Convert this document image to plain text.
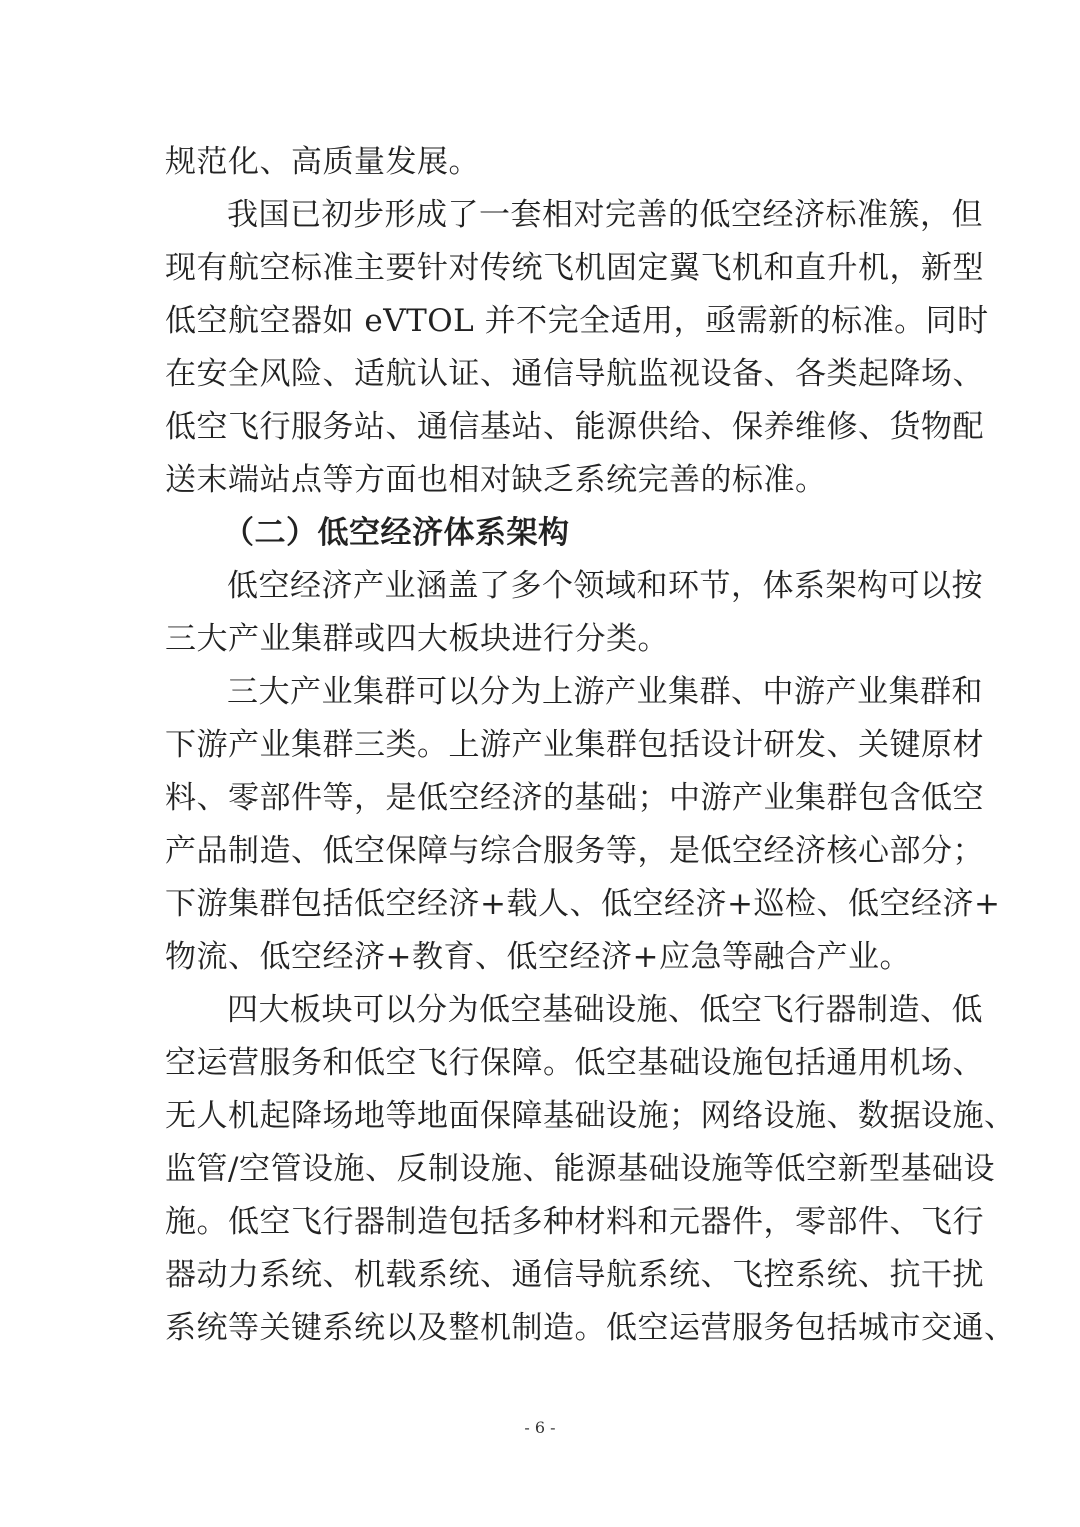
规范化、高质量发展。
我国已初步形成了一套相对完善的低空经济标准簇，但
现有航空标准主要针对传统飞机固定翼飞机和直升机，新型
低空航空器如 eVTOL 并不完全适用，亟需新的标准。同时
在安全风险、适航认证、通信导航监视设备、各类起降场、
低空飞行服务站、通信基站、能源供给、保养维修、货物配
送末端站点等方面也相对缺乏系统完善的标准。
（二）低空经济体系架构
低空经济产业涵盖了多个领域和环节，体系架构可以按
三大产业集群或四大板块进行分类。
三大产业集群可以分为上游产业集群、中游产业集群和
下游产业集群三类。上游产业集群包括设计研发、关键原材
料、零部件等，是低空经济的基础；中游产业集群包含低空
产品制造、低空保障与综合服务等，是低空经济核心部分；
下游集群包括低空经济+载人、低空经济+巡检、低空经济+
物流、低空经济+教育、低空经济+应急等融合产业。
四大板块可以分为低空基础设施、低空飞行器制造、低
空运营服务和低空飞行保障。低空基础设施包括通用机场、
无人机起降场地等地面保障基础设施；网络设施、数据设施、
监管/空管设施、反制设施、能源基础设施等低空新型基础设
施。低空飞行器制造包括多种材料和元器件，零部件、飞行
器动力系统、机载系统、通信导航系统、飞控系统、抗干扰
系统等关键系统以及整机制造。低空运营服务包括城市交通、
- 6 -
